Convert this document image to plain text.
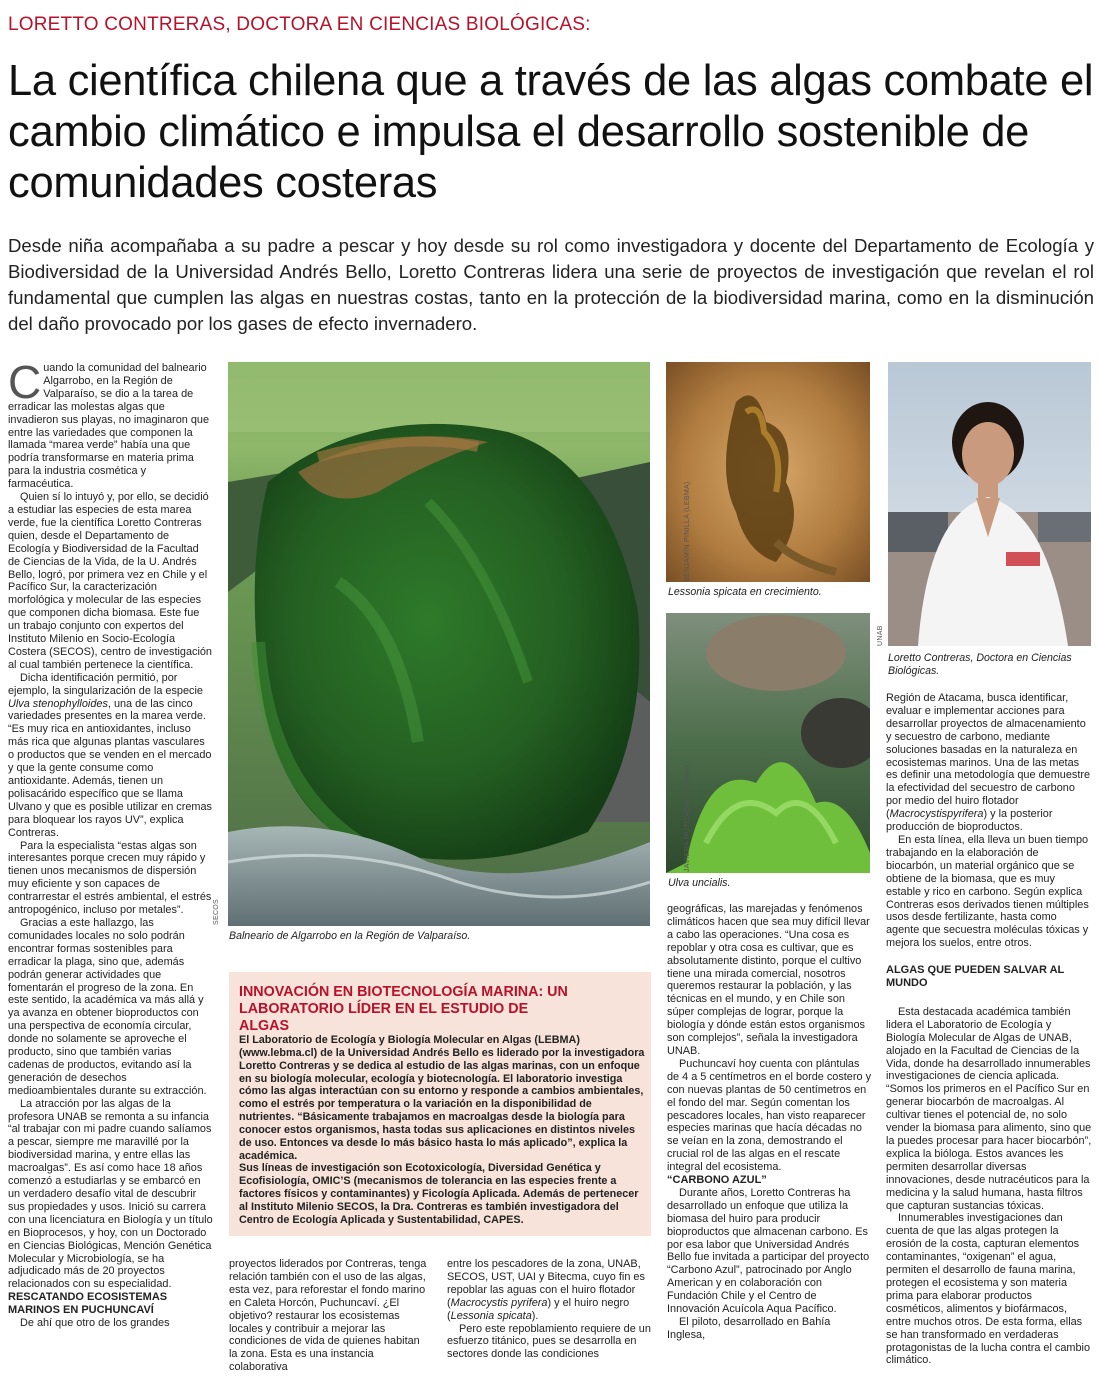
LORETTO CONTRERAS, DOCTORA EN CIENCIAS BIOLÓGICAS:
La científica chilena que a través de las algas combate el cambio climático e impulsa el desarrollo sostenible de comunidades costeras
Desde niña acompañaba a su padre a pescar y hoy desde su rol como investigadora y docente del Departamento de Ecología y Biodiversidad de la Universidad Andrés Bello, Loretto Contreras lidera una serie de proyectos de investigación que revelan el rol fundamental que cumplen las algas en nuestras costas, tanto en la protección de la biodiversidad marina, como en la disminución del daño provocado por los gases de efecto invernadero.

Cuando la comunidad del balneario Algarrobo, en la Región de Valparaíso, se dio a la tarea de erradicar las molestas algas que invadieron sus playas, no imaginaron que entre las variedades que componen la llamada “marea verde” había una que podría transformarse en materia prima para la industria cosmética y farmacéutica.

Quien sí lo intuyó y, por ello, se decidió a estudiar las especies de esta marea verde, fue la científica Loretto Contreras quien, desde el Departamento de Ecología y Biodiversidad de la Facultad de Ciencias de la Vida, de la U. Andrés Bello, logró, por primera vez en Chile y el Pacífico Sur, la caracterización morfológica y molecular de las especies que componen dicha biomasa. Este fue un trabajo conjunto con expertos del Instituto Milenio en Socio-Ecología Costera (SECOS), centro de investigación al cual también pertenece la científica.

Dicha identificación permitió, por ejemplo, la singularización de la especie Ulva stenophylloides, una de las cinco variedades presentes en la marea verde. “Es muy rica en antioxidantes, incluso más rica que algunas plantas vasculares o productos que se venden en el mercado y que la gente consume como antioxidante. Además, tienen un polisacárido específico que se llama Ulvano y que es posible utilizar en cremas para bloquear los rayos UV”, explica Contreras.

Para la especialista “estas algas son interesantes porque crecen muy rápido y tienen unos mecanismos de dispersión muy eficiente y son capaces de contrarrestar el estrés ambiental, el estrés antropogénico, incluso por metales”.

Gracias a este hallazgo, las comunidades locales no solo podrán encontrar formas sostenibles para erradicar la plaga, sino que, además podrán generar actividades que fomentarán el progreso de la zona. En este sentido, la académica va más allá y ya avanza en obtener bioproductos con una perspectiva de economía circular, donde no solamente se aproveche el producto, sino que también varias cadenas de productos, evitando así la generación de desechos medioambientales durante su extracción.

La atracción por las algas de la profesora UNAB se remonta a su infancia “al trabajar con mi padre cuando salíamos a pescar, siempre me maravillé por la biodiversidad marina, y entre ellas las macroalgas”. Es así como hace 18 años comenzó a estudiarlas y se embarcó en un verdadero desafío vital de descubrir sus propiedades y usos. Inició su carrera con una licenciatura en Biología y un título en Bioprocesos, y hoy, con un Doctorado en Ciencias Biológicas, Mención Genética Molecular y Microbiología, se ha adjudicado más de 20 proyectos relacionados con su especialidad.

RESCATANDO ECOSISTEMAS MARINOS EN PUCHUNCAVÍ

De ahí que otro de los grandes

SECOS
Balneario de Algarrobo en la Región de Valparaíso.
BENJAMÍN PINILLA (LEBMA)
Lessonia spicata en crecimiento.
JAVIERA MUTIZABAL (LEBMA)
Ulva uncialis.
UNAB
Loretto Contreras, Doctora en Ciencias Biológicas.
INNOVACIÓN EN BIOTECNOLOGÍA MARINA: UN LABORATORIO LÍDER EN EL ESTUDIO DE ALGAS

El Laboratorio de Ecología y Biología Molecular en Algas (LEBMA) (www.lebma.cl) de la Universidad Andrés Bello es liderado por la investigadora Loretto Contreras y se dedica al estudio de las algas marinas, con un enfoque en su biología molecular, ecología y biotecnología. El laboratorio investiga cómo las algas interactúan con su entorno y responde a cambios ambientales, como el estrés por temperatura o la variación en la disponibilidad de nutrientes. “Básicamente trabajamos en macroalgas desde la biología para conocer estos organismos, hasta todas sus aplicaciones en distintos niveles de uso. Entonces va desde lo más básico hasta lo más aplicado”, explica la académica.

Sus líneas de investigación son Ecotoxicología, Diversidad Genética y Ecofisiología, OMIC’S (mecanismos de tolerancia en las especies frente a factores físicos y contaminantes) y Ficología Aplicada. Además de pertenecer al Instituto Milenio SECOS, la Dra. Contreras es también investigadora del Centro de Ecología Aplicada y Sustentabilidad, CAPES.

proyectos liderados por Contreras, tenga relación también con el uso de las algas, esta vez, para reforestar el fondo marino en Caleta Horcón, Puchuncaví. ¿El objetivo? restaurar los ecosistemas locales y contribuir a mejorar las condiciones de vida de quienes habitan la zona. Esta es una instancia colaborativa

entre los pescadores de la zona, UNAB, SECOS, UST, UAI y Bitecma, cuyo fin es repoblar las aguas con el huiro flotador (Macrocystis pyrifera) y el huiro negro (Lessonia spicata).

Pero este repoblamiento requiere de un esfuerzo titánico, pues se desarrolla en sectores donde las condiciones

geográficas, las marejadas y fenómenos climáticos hacen que sea muy difícil llevar a cabo las operaciones. “Una cosa es repoblar y otra cosa es cultivar, que es absolutamente distinto, porque el cultivo tiene una mirada comercial, nosotros queremos restaurar la población, y las técnicas en el mundo, y en Chile son súper complejas de lograr, porque la biología y dónde están estos organismos son complejos”, señala la investigadora UNAB.

Puchuncaví hoy cuenta con plántulas de 4 a 5 centímetros en el borde costero y con nuevas plantas de 50 centímetros en el fondo del mar. Según comentan los pescadores locales, han visto reaparecer especies marinas que hacía décadas no se veían en la zona, demostrando el crucial rol de las algas en el rescate integral del ecosistema.

“CARBONO AZUL”

Durante años, Loretto Contreras ha desarrollado un enfoque que utiliza la biomasa del huiro para producir bioproductos que almacenan carbono. Es por esa labor que Universidad Andrés Bello fue invitada a participar del proyecto “Carbono Azul”, patrocinado por Anglo American y en colaboración con Fundación Chile y el Centro de Innovación Acuícola Aqua Pacífico.

El piloto, desarrollado en Bahía Inglesa,

Región de Atacama, busca identificar, evaluar e implementar acciones para desarrollar proyectos de almacenamiento y secuestro de carbono, mediante soluciones basadas en la naturaleza en ecosistemas marinos. Una de las metas es definir una metodología que demuestre la efectividad del secuestro de carbono por medio del huiro flotador (Macrocystispyrifera) y la posterior producción de bioproductos.

En esta línea, ella lleva un buen tiempo trabajando en la elaboración de biocarbón, un material orgánico que se obtiene de la biomasa, que es muy estable y rico en carbono. Según explica Contreras esos derivados tienen múltiples usos desde fertilizante, hasta como agente que secuestra moléculas tóxicas y mejora los suelos, entre otros.

ALGAS QUE PUEDEN SALVAR AL MUNDO

Esta destacada académica también lidera el Laboratorio de Ecología y Biología Molecular de Algas de UNAB, alojado en la Facultad de Ciencias de la Vida, donde ha desarrollado innumerables investigaciones de ciencia aplicada. “Somos los primeros en el Pacífico Sur en generar biocarbón de macroalgas. Al cultivar tienes el potencial de, no solo vender la biomasa para alimento, sino que la puedes procesar para hacer biocarbón”, explica la bióloga. Estos avances les permiten desarrollar diversas innovaciones, desde nutracéuticos para la medicina y la salud humana, hasta filtros que capturan sustancias tóxicas.

Innumerables investigaciones dan cuenta de que las algas protegen la erosión de la costa, capturan elementos contaminantes, “oxigenan” el agua, permiten el desarrollo de fauna marina, protegen el ecosistema y son materia prima para elaborar productos cosméticos, alimentos y biofármacos, entre muchos otros. De esta forma, ellas se han transformado en verdaderas protagonistas de la lucha contra el cambio climático.
